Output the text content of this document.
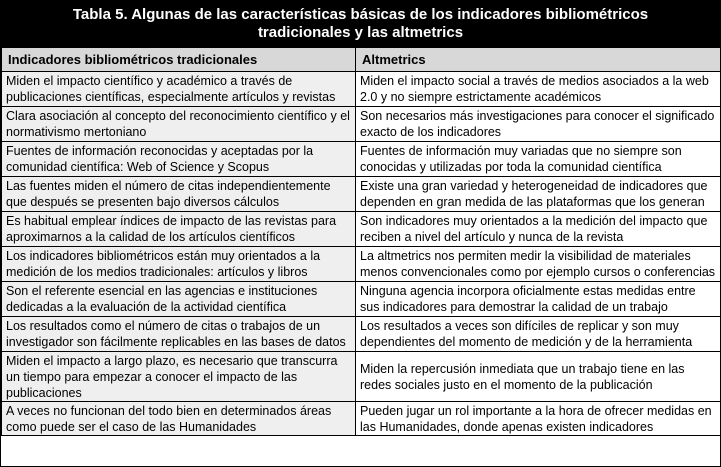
Tabla 5. Algunas de las características básicas de los indicadores bibliométricos
tradicionales y las altmetrics
Indicadores bibliométricos tradicionales	Altmetrics
Miden el impacto científico y académico a través de publicaciones científicas, especialmente artículos y revistas	Miden el impacto social a través de medios asociados a la web 2.0 y no siempre estrictamente académicos
Clara asociación al concepto del reconocimiento científico y el normativismo mertoniano	Son necesarios más investigaciones para conocer el significado exacto de los indicadores
Fuentes de información reconocidas y aceptadas por la comunidad científica: Web of Science y Scopus	Fuentes de información muy variadas que no siempre son conocidas y utilizadas por toda la comunidad científica
Las fuentes miden el número de citas independientemente que después se presenten bajo diversos cálculos	Existe una gran variedad y heterogeneidad de indicadores que dependen en gran medida de las plataformas que los generan
Es habitual emplear índices de impacto de las revistas para aproximarnos a la calidad de los artículos científicos	Son indicadores muy orientados a la medición del impacto que reciben a nivel del artículo y nunca de la revista
Los indicadores bibliométricos están muy orientados a la medición de los medios tradicionales: artículos y libros	La altmetrics nos permiten medir la visibilidad de materiales menos convencionales como por ejemplo cursos o conferencias
Son el referente esencial en las agencias e instituciones dedicadas a la evaluación de la actividad científica	Ninguna agencia incorpora oficialmente estas medidas entre sus indicadores para demostrar la calidad de un trabajo
Los resultados como el número de citas o trabajos de un investigador son fácilmente replicables en las bases de datos	Los resultados a veces son difíciles de replicar y son muy dependientes del momento de medición y de la herramienta
Miden el impacto a largo plazo, es necesario que transcurra un tiempo para empezar a conocer el impacto de las publicaciones	Miden la repercusión inmediata que un trabajo tiene en las redes sociales justo en el momento de la publicación
A veces no funcionan del todo bien en determinados áreas como puede ser el caso de las Humanidades	Pueden jugar un rol importante a la hora de ofrecer medidas en las Humanidades, donde apenas existen indicadores
